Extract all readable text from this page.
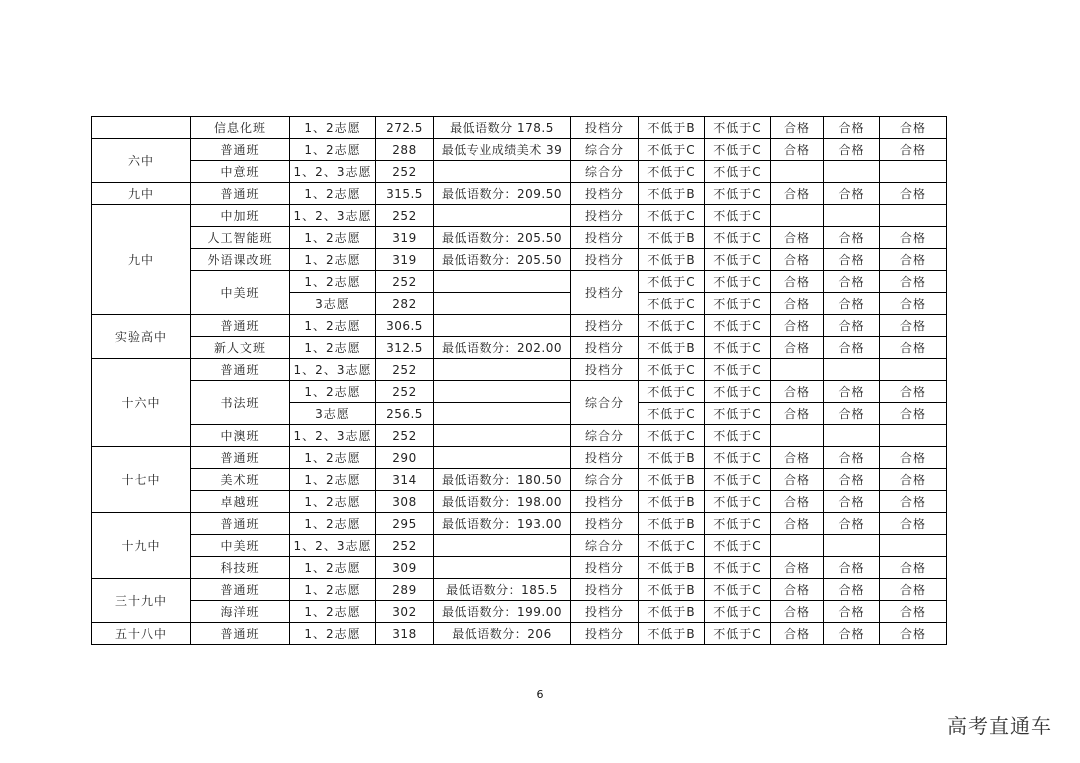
	信息化班	1、2志愿	272.5	最低语数分 178.5	投档分	不低于B	不低于C	合格	合格	合格
六中	普通班	1、2志愿	288	最低专业成绩美术 39	综合分	不低于C	不低于C	合格	合格	合格
	中意班	1、2、3志愿	252		综合分	不低于C	不低于C			
九中	普通班	1、2志愿	315.5	最低语数分：209.50	投档分	不低于B	不低于C	合格	合格	合格
九中	中加班	1、2、3志愿	252		投档分	不低于C	不低于C			
	人工智能班	1、2志愿	319	最低语数分：205.50	投档分	不低于B	不低于C	合格	合格	合格
	外语课改班	1、2志愿	319	最低语数分：205.50	投档分	不低于B	不低于C	合格	合格	合格
	中美班	1、2志愿	252		投档分	不低于C	不低于C	合格	合格	合格
		3志愿	282			不低于C	不低于C	合格	合格	合格
实验高中	普通班	1、2志愿	306.5		投档分	不低于C	不低于C	合格	合格	合格
	新人文班	1、2志愿	312.5	最低语数分：202.00	投档分	不低于B	不低于C	合格	合格	合格
十六中	普通班	1、2、3志愿	252		投档分	不低于C	不低于C			
	书法班	1、2志愿	252		综合分	不低于C	不低于C	合格	合格	合格
		3志愿	256.5			不低于C	不低于C	合格	合格	合格
	中澳班	1、2、3志愿	252		综合分	不低于C	不低于C			
十七中	普通班	1、2志愿	290		投档分	不低于B	不低于C	合格	合格	合格
	美术班	1、2志愿	314	最低语数分：180.50	综合分	不低于B	不低于C	合格	合格	合格
	卓越班	1、2志愿	308	最低语数分：198.00	投档分	不低于B	不低于C	合格	合格	合格
十九中	普通班	1、2志愿	295	最低语数分：193.00	投档分	不低于B	不低于C	合格	合格	合格
	中美班	1、2、3志愿	252		综合分	不低于C	不低于C			
	科技班	1、2志愿	309		投档分	不低于B	不低于C	合格	合格	合格
三十九中	普通班	1、2志愿	289	最低语数分：185.5	投档分	不低于B	不低于C	合格	合格	合格
	海洋班	1、2志愿	302	最低语数分：199.00	投档分	不低于B	不低于C	合格	合格	合格
五十八中	普通班	1、2志愿	318	最低语数分：206	投档分	不低于B	不低于C	合格	合格	合格
6
高考直通车
